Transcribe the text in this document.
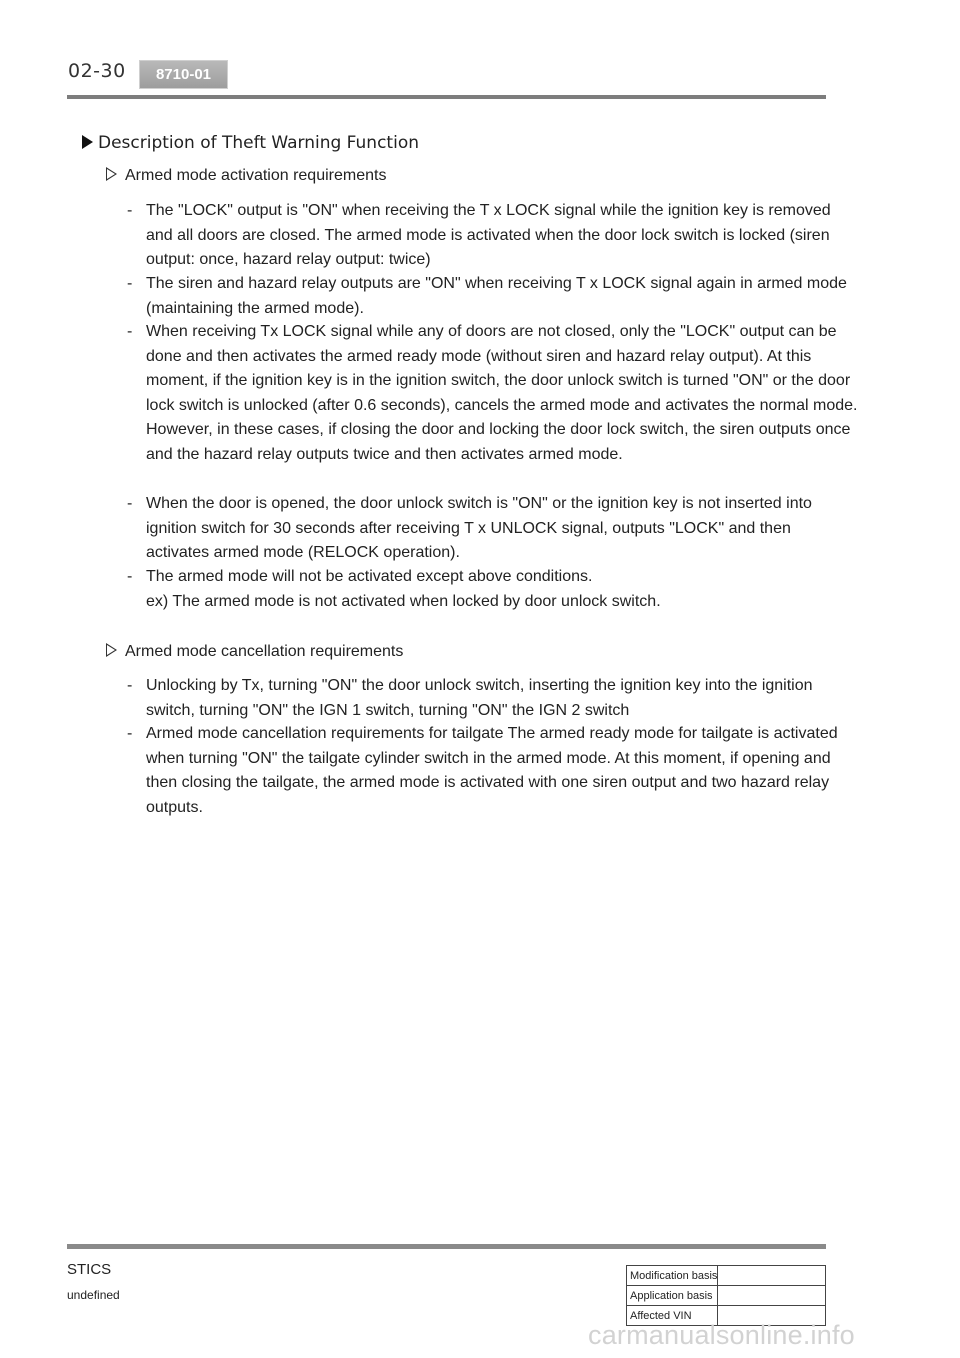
02-30	8710-01
Description of Theft Warning Function
Armed mode activation requirements
- The "LOCK" output is "ON" when receiving the T x LOCK signal while the ignition key is removed and all doors are closed. The armed mode is activated when the door lock switch is locked (siren output: once, hazard relay output: twice)
- The siren and hazard relay outputs are "ON" when receiving T x LOCK signal again in armed mode (maintaining the armed mode).
- When receiving Tx LOCK signal while any of doors are not closed, only the "LOCK" output can be done and then activates the armed ready mode (without siren and hazard relay output). At this moment, if the ignition key is in the ignition switch, the door unlock switch is turned "ON" or the door lock switch is unlocked (after 0.6 seconds), cancels the armed mode and activates the normal mode. However, in these cases, if closing the door and locking the door lock switch, the siren outputs once and the hazard relay outputs twice and then activates armed mode.
- When the door is opened, the door unlock switch is "ON" or the ignition key is not inserted into ignition switch for 30 seconds after receiving T x UNLOCK signal, outputs "LOCK" and then activates armed mode (RELOCK operation).
- The armed mode will not be activated except above conditions.
ex) The armed mode is not activated when locked by door unlock switch.
Armed mode cancellation requirements
- Unlocking by Tx, turning "ON" the door unlock switch, inserting the ignition key into the ignition switch, turning "ON" the IGN 1 switch, turning "ON" the IGN 2 switch
- Armed mode cancellation requirements for tailgate The armed ready mode for tailgate is activated when turning "ON" the tailgate cylinder switch in the armed mode. At this moment, if opening and then closing the tailgate, the armed mode is activated with one siren output and two hazard relay outputs.
STICS
undefined
Modification basis	
Application basis	
Affected VIN	
carmanualsonline.info
